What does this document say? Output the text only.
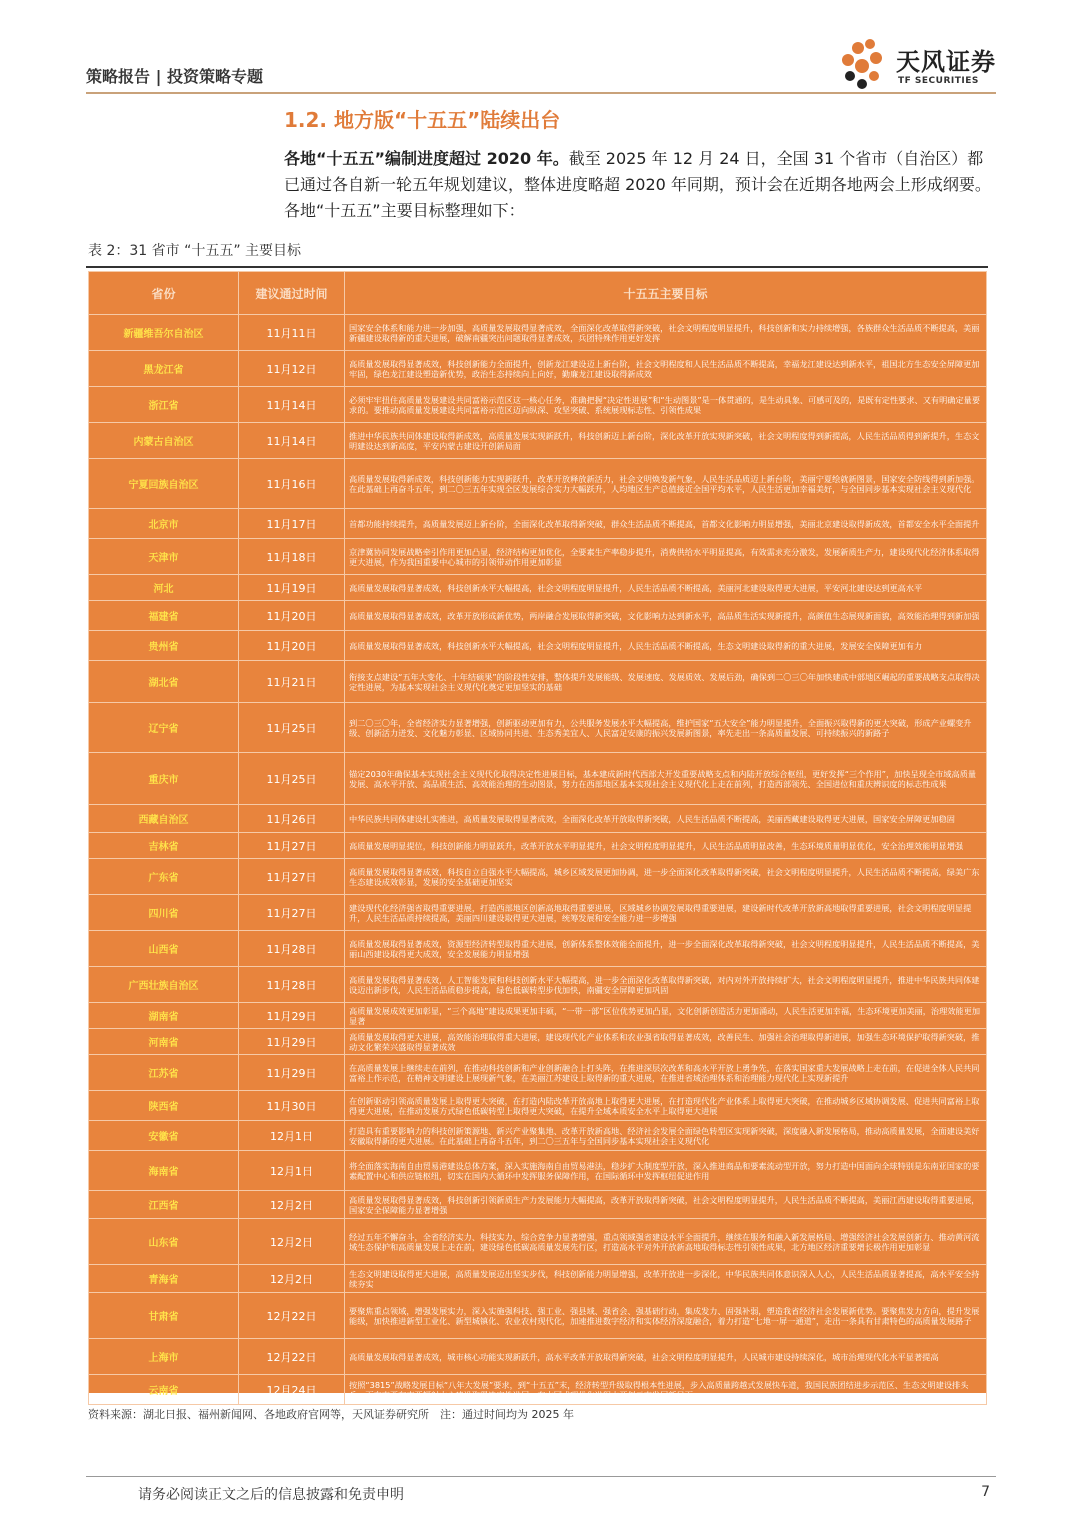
策略报告 | 投资策略专题
天风证券
TF SECURITIES
1.2. 地方版“十五五”陆续出台
各地“十五五”编制进度超过 2020 年。截至 2025 年 12 月 24 日，全国 31 个省市（自治区）都已通过各自新一轮五年规划建议，整体进度略超 2020 年同期，预计会在近期各地两会上形成纲要。各地“十五五”主要目标整理如下：
表 2：31 省市 “十五五” 主要目标
省份	建议通过时间	十五五主要目标
新疆维吾尔自治区	11月11日	国家安全体系和能力进一步加强，高质量发展取得显著成效，全面深化改革取得新突破，社会文明程度明显提升，科技创新和实力持续增强，各族群众生活品质不断提高，美丽新疆建设取得新的重大进展，破解南疆突出问题取得显著成效，兵团特殊作用更好发挥
黑龙江省	11月12日	高质量发展取得显著成效，科技创新能力全面提升，创新龙江建设迈上新台阶，社会文明程度和人民生活品质不断提高，幸福龙江建设达到新水平，祖国北方生态安全屏障更加牢固，绿色龙江建设塑造新优势，政治生态持续向上向好，勤廉龙江建设取得新成效
浙江省	11月14日	必须牢牢扭住高质量发展建设共同富裕示范区这一核心任务，准确把握“决定性进展”和“生动图景”是一体贯通的，是生动具象、可感可及的，是既有定性要求、又有明确定量要求的。要推动高质量发展建设共同富裕示范区迈向纵深、攻坚突破、系统展现标志性、引领性成果
内蒙古自治区	11月14日	推进中华民族共同体建设取得新成效，高质量发展实现新跃升，科技创新迈上新台阶，深化改革开放实现新突破，社会文明程度得到新提高，人民生活品质得到新提升，生态文明建设达到新高度，平安内蒙古建设开创新局面
宁夏回族自治区	11月16日	高质量发展取得新成效，科技创新能力实现新跃升，改革开放释放新活力，社会文明焕发新气象，人民生活品质迈上新台阶，美丽宁夏绘就新图景，国家安全防线得到新加强。在此基础上再奋斗五年，到二〇三五年实现全区发展综合实力大幅跃升，人均地区生产总值接近全国平均水平，人民生活更加幸福美好，与全国同步基本实现社会主义现代化
北京市	11月17日	首都功能持续提升，高质量发展迈上新台阶，全面深化改革取得新突破，群众生活品质不断提高，首都文化影响力明显增强，美丽北京建设取得新成效，首都安全水平全面提升
天津市	11月18日	京津冀协同发展战略牵引作用更加凸显，经济结构更加优化，全要素生产率稳步提升，消费供给水平明显提高，有效需求充分激发，发展新质生产力，建设现代化经济体系取得更大进展，作为我国重要中心城市的引领带动作用更加彰显
河北	11月19日	高质量发展取得显著成效，科技创新水平大幅提高，社会文明程度明显提升，人民生活品质不断提高，美丽河北建设取得更大进展，平安河北建设达到更高水平
福建省	11月20日	高质量发展取得显著成效，改革开放形成新优势，两岸融合发展取得新突破，文化影响力达到新水平，高品质生活实现新提升，高颜值生态展现新面貌，高效能治理得到新加强
贵州省	11月20日	高质量发展取得显著成效，科技创新水平大幅提高，社会文明程度明显提升，人民生活品质不断提高，生态文明建设取得新的重大进展，发展安全保障更加有力
湖北省	11月21日	衔接支点建设“五年大变化、十年结硕果”的阶段性安排，整体提升发展能级、发展速度、发展质效、发展后劲，确保到二〇三〇年加快建成中部地区崛起的重要战略支点取得决定性进展，为基本实现社会主义现代化奠定更加坚实的基础
辽宁省	11月25日	到二〇三〇年，全省经济实力显著增强，创新驱动更加有力，公共服务发展水平大幅提高，维护国家“五大安全”能力明显提升，全面振兴取得新的更大突破，形成产业螺变升级、创新活力迸发、文化魅力彰显、区域协同共进、生态秀美宜人、人民富足安康的振兴发展新图景，率先走出一条高质量发展、可持续振兴的新路子
重庆市	11月25日	锚定2030年确保基本实现社会主义现代化取得决定性进展目标，基本建成新时代西部大开发重要战略支点和内陆开放综合枢纽，更好发挥“三个作用”，加快呈现全市域高质量发展、高水平开放、高品质生活、高效能治理的生动图景，努力在西部地区基本实现社会主义现代化上走在前列，打造西部领先、全国进位和重庆辨识度的标志性成果
西藏自治区	11月26日	中华民族共同体建设扎实推进，高质量发展取得显著成效，全面深化改革开放取得新突破，人民生活品质不断提高，美丽西藏建设取得更大进展，国家安全屏障更加稳固
吉林省	11月27日	高质量发展明显提位，科技创新能力明显跃升，改革开放水平明显提升，社会文明程度明显提升，人民生活品质明显改善，生态环境质量明显优化，安全治理效能明显增强
广东省	11月27日	高质量发展取得显著成效，科技自立自强水平大幅提高，城乡区域发展更加协调，进一步全面深化改革取得新突破，社会文明程度明显提升，人民生活品质不断提高，绿美广东生态建设成效彰显，发展的安全基础更加坚实
四川省	11月27日	建设现代化经济强省取得重要进展，打造西部地区创新高地取得重要进展，区域城乡协调发展取得重要进展，建设新时代改革开放新高地取得重要进展，社会文明程度明显提升，人民生活品质持续提高，美丽四川建设取得更大进展，统筹发展和安全能力进一步增强
山西省	11月28日	高质量发展取得显著成效，资源型经济转型取得重大进展，创新体系整体效能全面提升，进一步全面深化改革取得新突破，社会文明程度明显提升，人民生活品质不断提高，美丽山西建设取得更大成效，安全发展能力明显增强
广西壮族自治区	11月28日	高质量发展取得显著成效，人工智能发展和科技创新水平大幅提高，进一步全面深化改革取得新突破，对内对外开放持续扩大，社会文明程度明显提升，推进中华民族共同体建设迈出新步伐，人民生活品质稳步提高，绿色低碳转型步伐加快，南疆安全屏障更加巩固
湖南省	11月29日	高质量发展成效更加彰显，“三个高地”建设成果更加丰硕，“一带一部”区位优势更加凸显，文化创新创造活力更加涌动，人民生活更加幸福，生态环境更加美丽，治理效能更加显著
河南省	11月29日	高质量发展取得更大进展，高效能治理取得重大进展，建设现代化产业体系和农业强省取得显著成效，改善民生、加强社会治理取得新进展，加强生态环境保护取得新突破，推动文化繁荣兴盛取得显著成效
江苏省	11月29日	在高质量发展上继续走在前列，在推动科技创新和产业创新融合上打头阵，在推进深层次改革和高水平开放上勇争先，在落实国家重大发展战略上走在前，在促进全体人民共同富裕上作示范，在精神文明建设上展现新气象，在美丽江苏建设上取得新的重大进展，在推进省域治理体系和治理能力现代化上实现新提升
陕西省	11月30日	在创新驱动引领高质量发展上取得更大突破，在打造内陆改革开放高地上取得更大进展，在打造现代化产业体系上取得更大突破，在推动城乡区域协调发展、促进共同富裕上取得更大进展，在推动发展方式绿色低碳转型上取得更大突破，在提升全域本质安全水平上取得更大进展
安徽省	12月1日	打造具有重要影响力的科技创新策源地、新兴产业聚集地、改革开放新高地、经济社会发展全面绿色转型区实现新突破，深度融入新发展格局，推动高质量发展，全面建设美好安徽取得新的更大进展。在此基础上再奋斗五年，到二〇三五年与全国同步基本实现社会主义现代化
海南省	12月1日	将全面落实海南自由贸易港建设总体方案，深入实施海南自由贸易港法，稳步扩大制度型开放，深入推进商品和要素流动型开放，努力打造中国面向全球特别是东南亚国家的要素配置中心和供应链枢纽，切实在国内大循环中发挥服务保障作用，在国际循环中发挥枢纽促进作用
江西省	12月2日	高质量发展取得显著成效，科技创新引领新质生产力发展能力大幅提高，改革开放取得新突破，社会文明程度明显提升，人民生活品质不断提高，美丽江西建设取得重要进展，国家安全保障能力显著增强
山东省	12月2日	经过五年不懈奋斗，全省经济实力、科技实力、综合竞争力显著增强，重点领域强省建设水平全面提升，继续在服务和融入新发展格局、增强经济社会发展创新力、推动黄河流域生态保护和高质量发展上走在前，建设绿色低碳高质量发展先行区，打造高水平对外开放新高地取得标志性引领性成果，北方地区经济重要增长极作用更加彰显
青海省	12月2日	生态文明建设取得更大进展，高质量发展迈出坚实步伐，科技创新能力明显增强，改革开放进一步深化，中华民族共同体意识深入人心，人民生活品质显著提高，高水平安全持续夯实
甘肃省	12月22日	要聚焦重点领域，增强发展实力，深入实施强科技、强工业、强县域、强省会、强基础行动，集成发力、固强补弱，塑造我省经济社会发展新优势。要聚焦发力方向，提升发展能级，加快推进新型工业化、新型城镇化、农业农村现代化，加速推进数字经济和实体经济深度融合，着力打造“七地一屏一通道”，走出一条具有甘肃特色的高质量发展路子
上海市	12月22日	高质量发展取得显著成效，城市核心功能实现新跃升，高水平改革开放取得新突破，社会文明程度明显提升，人民城市建设持续深化，城市治理现代化水平显著提高
云南省	12月24日	按照“3815”战略发展目标“八年大发展”要求，到“十五五”末，经济转型升级取得根本性进展，步入高质量跨越式发展快车道，我国民族团结进步示范区、生态文明建设排头兵、面向南亚东南亚辐射中心建设取得决定性进展，在中国式现代化进程中开创云南发展新局面
资料来源：湖北日报、福州新闻网、各地政府官网等，天风证券研究所　注：通过时间均为 2025 年
请务必阅读正文之后的信息披露和免责申明	7
